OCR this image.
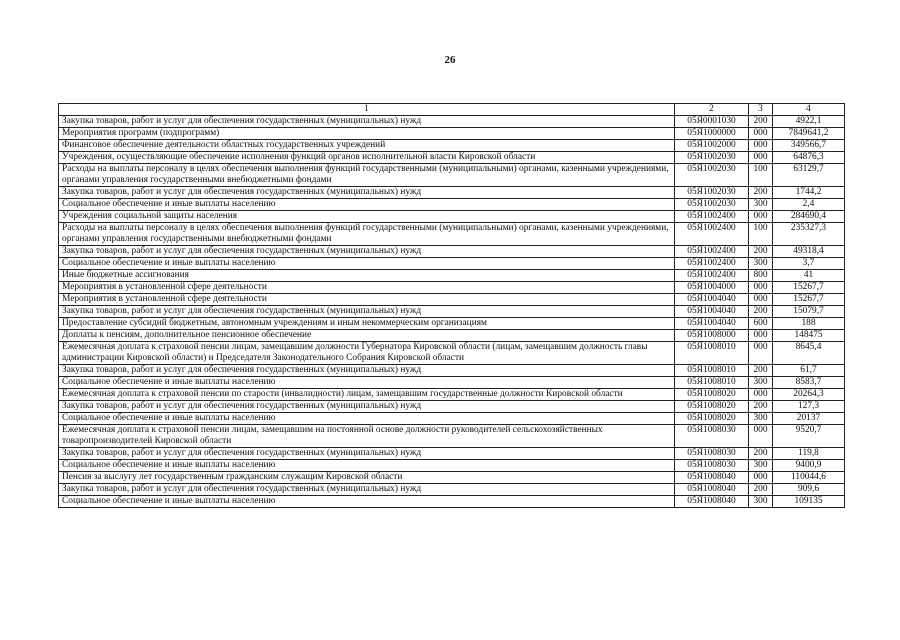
26
1	2	3	4
Закупка товаров, работ и услуг для обеспечения государственных (муниципальных) нужд	05Я0001030	200	4922,1
Мероприятия программ (подпрограмм)	05Я1000000	000	7849641,2
Финансовое обеспечение деятельности областных государственных учреждений	05Я1002000	000	349566,7
Учреждения, осуществляющие обеспечение исполнения функций органов исполнительной власти Кировской области	05Я1002030	000	64876,3
Расходы на выплаты персоналу в целях обеспечения выполнения функций государственными (муниципальными) органами, казенными учреждениями, органами управления государственными внебюджетными фондами	05Я1002030	100	63129,7
Закупка товаров, работ и услуг для обеспечения государственных (муниципальных) нужд	05Я1002030	200	1744,2
Социальное обеспечение и иные выплаты населению	05Я1002030	300	2,4
Учреждения социальной защиты населения	05Я1002400	000	284690,4
Расходы на выплаты персоналу в целях обеспечения выполнения функций государственными (муниципальными) органами, казенными учреждениями, органами управления государственными внебюджетными фондами	05Я1002400	100	235327,3
Закупка товаров, работ и услуг для обеспечения государственных (муниципальных) нужд	05Я1002400	200	49318,4
Социальное обеспечение и иные выплаты населению	05Я1002400	300	3,7
Иные бюджетные ассигнования	05Я1002400	800	41
Мероприятия в установленной сфере деятельности	05Я1004000	000	15267,7
Мероприятия в установленной сфере деятельности	05Я1004040	000	15267,7
Закупка товаров, работ и услуг для обеспечения государственных (муниципальных) нужд	05Я1004040	200	15079,7
Предоставление субсидий бюджетным, автономным учреждениям и иным некоммерческим организациям	05Я1004040	600	188
Доплаты к пенсиям, дополнительное пенсионное обеспечение	05Я1008000	000	148475
Ежемесячная доплата к страховой пенсии лицам, замещавшим должности Губернатора Кировской области (лицам, замещавшим должность главы администрации Кировской области) и Председателя Законодательного Собрания Кировской области	05Я1008010	000	8645,4
Закупка товаров, работ и услуг для обеспечения государственных (муниципальных) нужд	05Я1008010	200	61,7
Социальное обеспечение и иные выплаты населению	05Я1008010	300	8583,7
Ежемесячная доплата к страховой пенсии по старости (инвалидности) лицам, замещавшим государственные должности Кировской области	05Я1008020	000	20264,3
Закупка товаров, работ и услуг для обеспечения государственных (муниципальных) нужд	05Я1008020	200	127,3
Социальное обеспечение и иные выплаты населению	05Я1008020	300	20137
Ежемесячная доплата к страховой пенсии лицам, замещавшим на постоянной основе должности руководителей сельскохозяйственных товаропроизводителей Кировской области	05Я1008030	000	9520,7
Закупка товаров, работ и услуг для обеспечения государственных (муниципальных) нужд	05Я1008030	200	119,8
Социальное обеспечение и иные выплаты населению	05Я1008030	300	9400,9
Пенсия за выслугу лет государственным гражданским служащим Кировской области	05Я1008040	000	110044,6
Закупка товаров, работ и услуг для обеспечения государственных (муниципальных) нужд	05Я1008040	200	909,6
Социальное обеспечение и иные выплаты населению	05Я1008040	300	109135
